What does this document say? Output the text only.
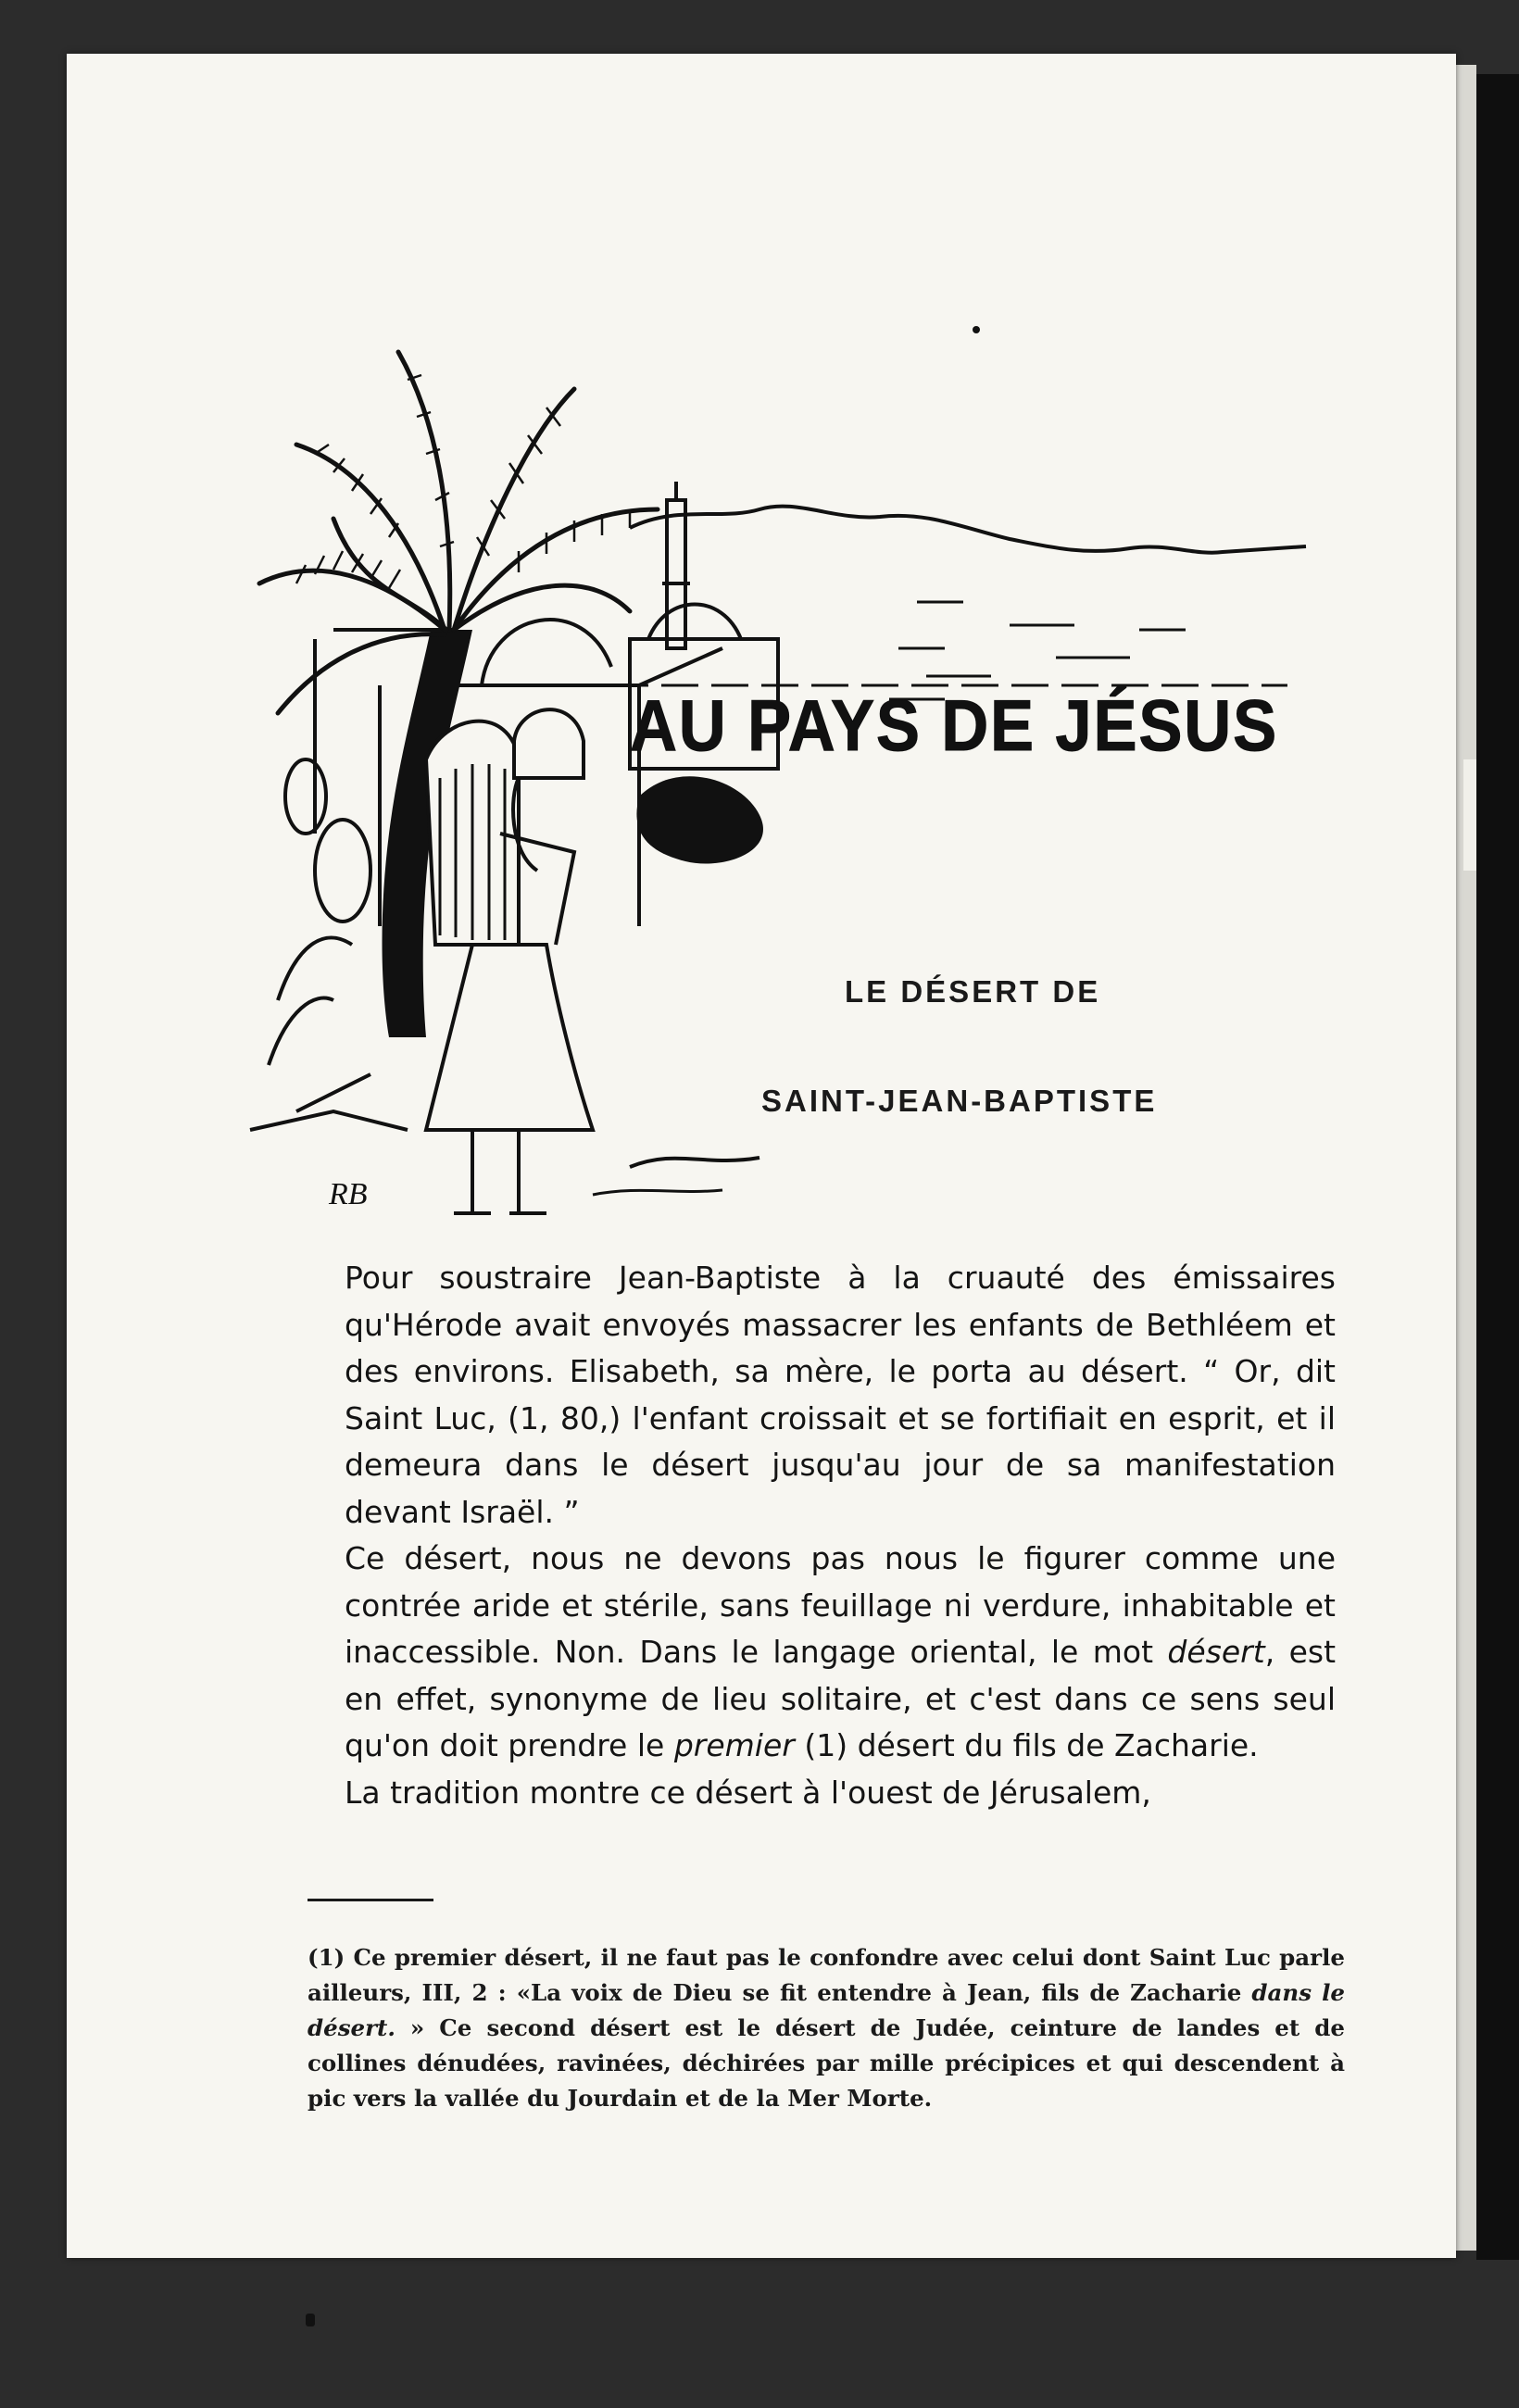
AU PAYS DE JÉSUS
RB
LE DÉSERT DE
SAINT-JEAN-BAPTISTE

Pour soustraire Jean-Baptiste à la cruauté des émissaires qu'Hérode avait envoyés massacrer les enfants de Bethléem et des environs. Elisabeth, sa mère, le porta au désert. “ Or, dit Saint Luc, (1, 80,) l'enfant croissait et se fortifiait en esprit, et il demeura dans le désert jusqu'au jour de sa manifestation devant Israël. ”

Ce désert, nous ne devons pas nous le figurer comme une contrée aride et stérile, sans feuillage ni verdure, inhabitable et inaccessible. Non. Dans le langage oriental, le mot désert, est en effet, synonyme de lieu solitaire, et c'est dans ce sens seul qu'on doit prendre le premier (1) désert du fils de Zacharie.

La tradition montre ce désert à l'ouest de Jérusalem,

(1) Ce premier désert, il ne faut pas le confondre avec celui dont Saint Luc parle ailleurs, III, 2 : «La voix de Dieu se fit entendre à Jean, fils de Zacharie dans le désert. » Ce second désert est le désert de Judée, ceinture de landes et de collines dénudées, ravinées, déchirées par mille précipices et qui descendent à pic vers la vallée du Jourdain et de la Mer Morte.
